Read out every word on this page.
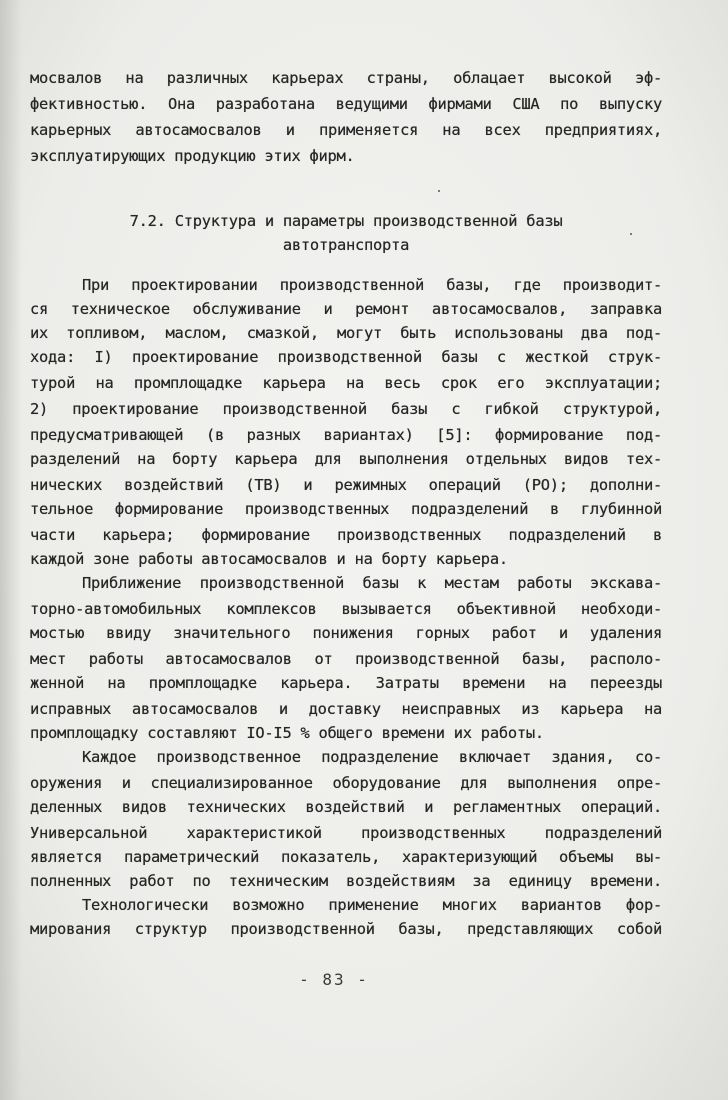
мосвалов на различных карьерах страны, облацает высокой эф-
фективностью. Она разработана ведущими фирмами США по выпуску
карьерных автосамосвалов и применяется на всех предприятиях,
эксплуатирующих продукцию этих фирм.
7.2. Структура и параметры производственной базы
автотранспорта
При проектировании производственной базы, где производит-
ся техническое обслуживание и ремонт автосамосвалов, заправка
их топливом, маслом, смазкой, могут быть использованы два под-
хода: I) проектирование производственной базы с жесткой струк-
турой на промплощадке карьера на весь срок его эксплуатации;
2) проектирование производственной базы с гибкой структурой,
предусматривающей (в разных вариантах) [5]: формирование под-
разделений на борту карьера для выполнения отдельных видов тех-
нических воздействий (ТВ) и режимных операций (РО); дополни-
тельное формирование производственных подразделений в глубинной
части карьера; формирование производственных подразделений в
каждой зоне работы автосамосвалов и на борту карьера.
Приближение производственной базы к местам работы экскава-
торно-автомобильных комплексов вызывается объективной необходи-
мостью ввиду значительного понижения горных работ и удаления
мест работы автосамосвалов от производственной базы, располо-
женной на промплощадке карьера. Затраты времени на переезды
исправных автосамосвалов и доставку неисправных из карьера на
промплощадку составляют IO-I5 % общего времени их работы.
Каждое производственное подразделение включает здания, со-
оружения и специализированное оборудование для выполнения опре-
деленных видов технических воздействий и регламентных операций.
Универсальной характеристикой производственных подразделений
является параметрический показатель, характеризующий объемы вы-
полненных работ по техническим воздействиям за единицу времени.
Технологически возможно применение многих вариантов фор-
мирования структур производственной базы, представляющих собой
- 83 -
